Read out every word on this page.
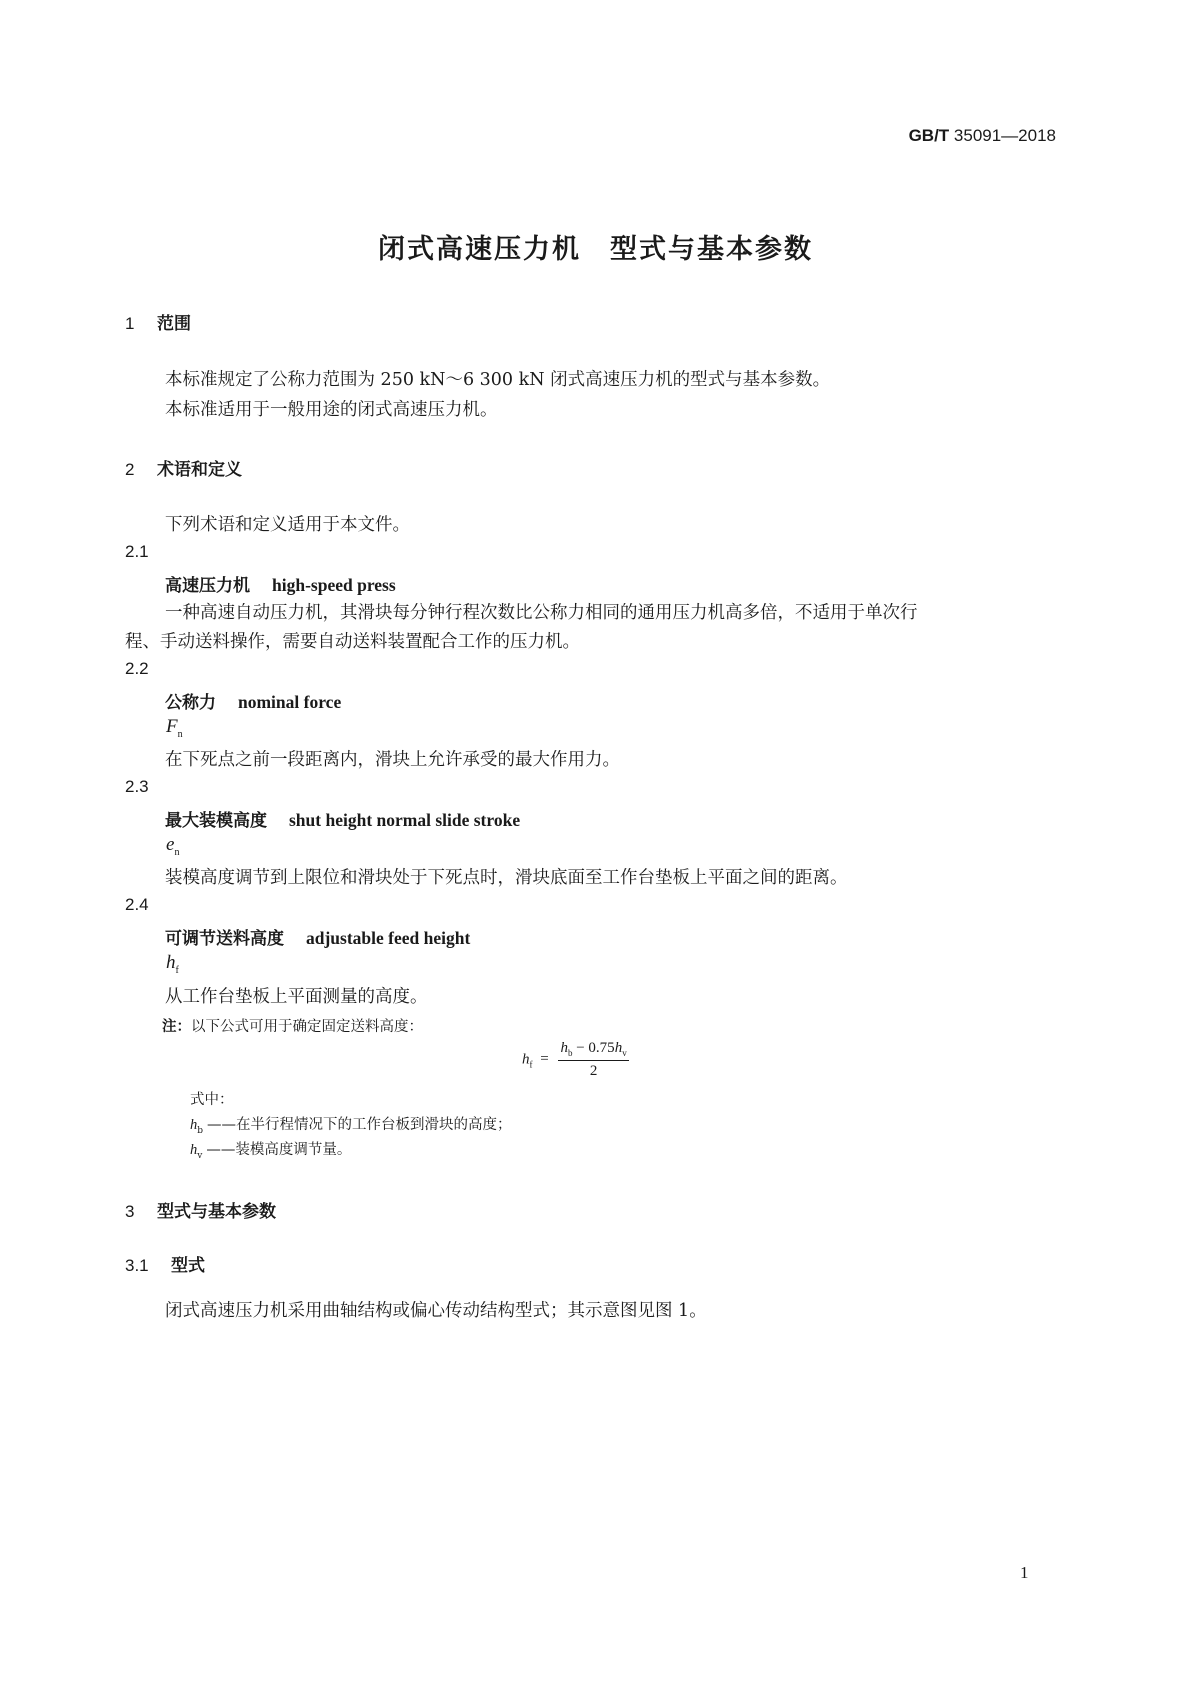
GB/T 35091—2018
闭式高速压力机　型式与基本参数
1 范围
本标准规定了公称力范围为 250 kN～6 300 kN 闭式高速压力机的型式与基本参数。
本标准适用于一般用途的闭式高速压力机。
2 术语和定义
下列术语和定义适用于本文件。
2.1
高速压力机 high-speed press
一种高速自动压力机，其滑块每分钟行程次数比公称力相同的通用压力机高多倍，不适用于单次行
程、手动送料操作，需要自动送料装置配合工作的压力机。
2.2
公称力 nominal force
$F_n$
在下死点之前一段距离内，滑块上允许承受的最大作用力。
2.3
最大装模高度 shut height normal slide stroke
$e_n$
装模高度调节到上限位和滑块处于下死点时，滑块底面至工作台垫板上平面之间的距离。
2.4
可调节送料高度 adjustable feed height
$h_f$
从工作台垫板上平面测量的高度。
注：以下公式可用于确定固定送料高度：
$h_f = \frac{h_b - 0.75h_v}{2}$
式中：
$h_b$ ——在半行程情况下的工作台板到滑块的高度；
$h_v$ ——装模高度调节量。
3 型式与基本参数
3.1 型式
闭式高速压力机采用曲轴结构或偏心传动结构型式；其示意图见图 1。
1
